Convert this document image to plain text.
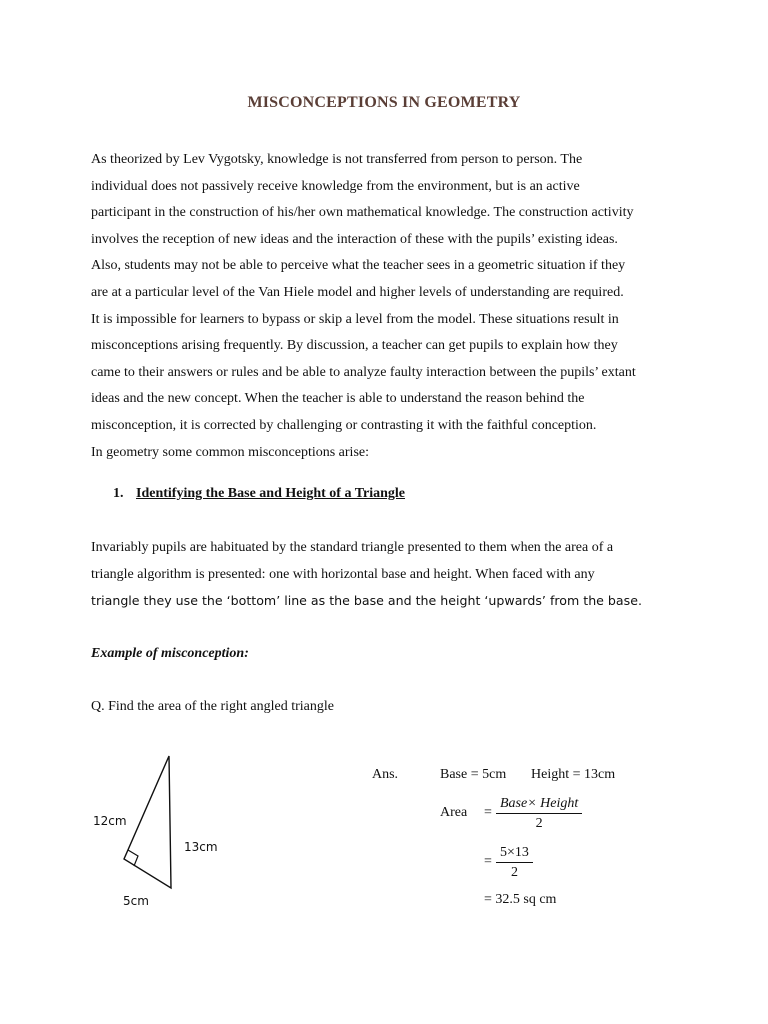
MISCONCEPTIONS IN GEOMETRY
As theorized by Lev Vygotsky, knowledge is not transferred from person to person. The
individual does not passively receive knowledge from the environment, but is an active
participant in the construction of his/her own mathematical knowledge. The construction activity
involves the reception of new ideas and the interaction of these with the pupils’ existing ideas.
Also, students may not be able to perceive what the teacher sees in a geometric situation if they
are at a particular level of the Van Hiele model and higher levels of understanding are required.
It is impossible for learners to bypass or skip a level from the model. These situations result in
misconceptions arising frequently. By discussion, a teacher can get pupils to explain how they
came to their answers or rules and be able to analyze faulty interaction between the pupils’ extant
ideas and the new concept. When the teacher is able to understand the reason behind the
misconception, it is corrected by challenging or contrasting it with the faithful conception.
In geometry some common misconceptions arise:
1. Identifying the Base and Height of a Triangle
Invariably pupils are habituated by the standard triangle presented to them when the area of a
triangle algorithm is presented: one with horizontal base and height. When faced with any
triangle they use the ‘bottom’ line as the base and the height ‘upwards’ from the base.
Example of misconception:
Q. Find the area of the right angled triangle
12cm
13cm
5cm
Ans.	Base = 5cm Height = 13cm
Area =
Base× Height
2
= $\frac{5\times 13}{2}$
= 32.5 sq cm
